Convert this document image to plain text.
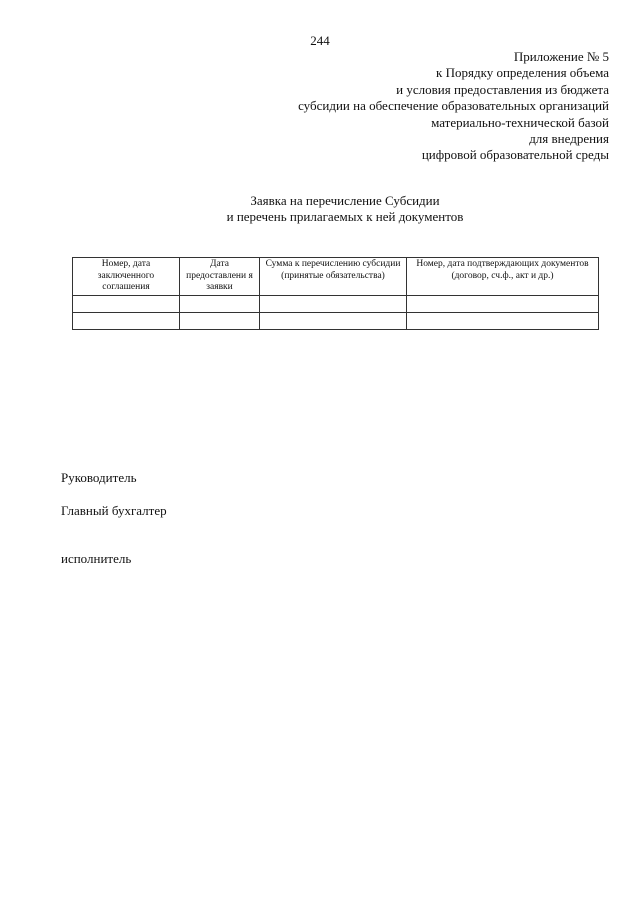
244
Приложение № 5
к Порядку определения объема
и условия предоставления из бюджета
субсидии на обеспечение образовательных организаций
материально-технической базой
для внедрения
цифровой образовательной среды
Заявка на перечисление Субсидии
и перечень прилагаемых к ней документов
Номер, дата заключенного соглашения	Дата предоставлени я заявки	Сумма к перечислению субсидии (принятые обязательства)	Номер, дата подтверждающих документов (договор, сч.ф., акт и др.)

Руководитель
Главный бухгалтер
исполнитель
